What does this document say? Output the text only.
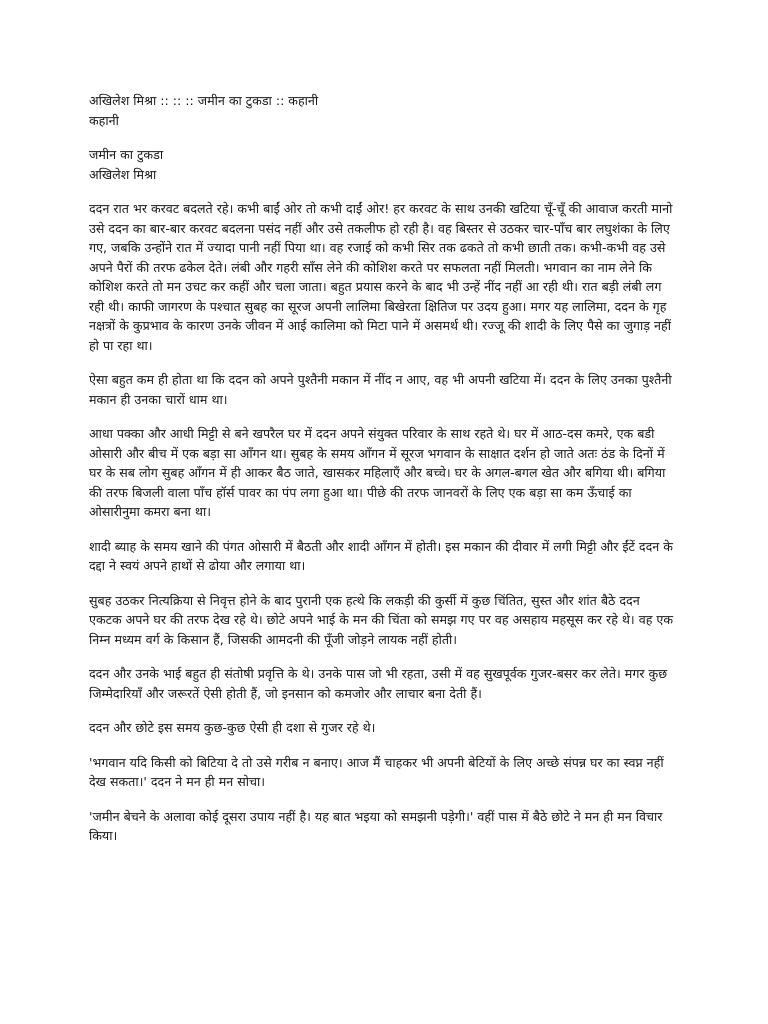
अखिलेश मिश्रा :: :: :: जमीन का टुकडा :: कहानी
कहानी

जमीन का टुकडा
अखिलेश मिश्रा

ददन रात भर करवट बदलते रहे। कभी बाईं ओर तो कभी दाईं ओर! हर करवट के साथ उनकी खटिया चूँ-चूँ की आवाज करती मानो उसे ददन का बार-बार करवट बदलना पसंद नहीं और उसे तकलीफ हो रही है। वह बिस्तर से उठकर चार-पाँच बार लघुशंका के लिए गए, जबकि उन्होंने रात में ज्यादा पानी नहीं पिया था। वह रजाई को कभी सिर तक ढकते तो कभी छाती तक। कभी-कभी वह उसे अपने पैरों की तरफ ढकेल देते। लंबी और गहरी साँस लेने की कोशिश करते पर सफलता नहीं मिलती। भगवान का नाम लेने कि कोशिश करते तो मन उचट कर कहीं और चला जाता। बहुत प्रयास करने के बाद भी उन्हें नींद नहीं आ रही थी। रात बड़ी लंबी लग रही थी। काफी जागरण के पश्चात सुबह का सूरज अपनी लालिमा बिखेरता क्षितिज पर उदय हुआ। मगर यह लालिमा, ददन के गृह नक्षत्रों के कुप्रभाव के कारण उनके जीवन में आई कालिमा को मिटा पाने में असमर्थ थी। रज्जू की शादी के लिए पैसे का जुगाड़ नहीं हो पा रहा था।

ऐसा बहुत कम ही होता था कि ददन को अपने पुश्तैनी मकान में नींद न आए, वह भी अपनी खटिया में। ददन के लिए उनका पुश्तैनी मकान ही उनका चारों धाम था।

आधा पक्का और आधी मिट्टी से बने खपरैल घर में ददन अपने संयुक्त परिवार के साथ रहते थे। घर में आठ-दस कमरे, एक बडी ओसारी और बीच में एक बड़ा सा आँगन था। सुबह के समय आँगन में सूरज भगवान के साक्षात दर्शन हो जाते अतः ठंड के दिनों में घर के सब लोग सुबह आँगन में ही आकर बैठ जाते, खासकर महिलाएँ और बच्चे। घर के अगल-बगल खेत और बगिया थी। बगिया की तरफ बिजली वाला पाँच हॉर्स पावर का पंप लगा हुआ था। पीछे की तरफ जानवरों के लिए एक बड़ा सा कम ऊँचाई का ओसारीनुमा कमरा बना था।

शादी ब्याह के समय खाने की पंगत ओसारी में बैठती और शादी आँगन में होती। इस मकान की दीवार में लगी मिट्टी और ईंटें ददन के दद्दा ने स्वयं अपने हाथों से ढोया और लगाया था।

सुबह उठकर नित्यक्रिया से निवृत्त होने के बाद पुरानी एक हत्थे कि लकड़ी की कुर्सी में कुछ चिंतित, सुस्त और शांत बैठे ददन एकटक अपने घर की तरफ देख रहे थे। छोटे अपने भाई के मन की चिंता को समझ गए पर वह असहाय महसूस कर रहे थे। वह एक निम्न मध्यम वर्ग के किसान हैं, जिसकी आमदनी की पूँजी जोड़ने लायक नहीं होती।

ददन और उनके भाई बहुत ही संतोषी प्रवृत्ति के थे। उनके पास जो भी रहता, उसी में वह सुखपूर्वक गुजर-बसर कर लेते। मगर कुछ जिम्मेदारियाँ और जरूरतें ऐसी होती हैं, जो इनसान को कमजोर और लाचार बना देती हैं।

ददन और छोटे इस समय कुछ-कुछ ऐसी ही दशा से गुजर रहे थे।

'भगवान यदि किसी को बिटिया दे तो उसे गरीब न बनाए। आज मैं चाहकर भी अपनी बेटियों के लिए अच्छे संपन्न घर का स्वप्न नहीं देख सकता।' ददन ने मन ही मन सोचा।

'जमीन बेचने के अलावा कोई दूसरा उपाय नहीं है। यह बात भइया को समझनी पड़ेगी।' वहीं पास में बैठे छोटे ने मन ही मन विचार किया।
